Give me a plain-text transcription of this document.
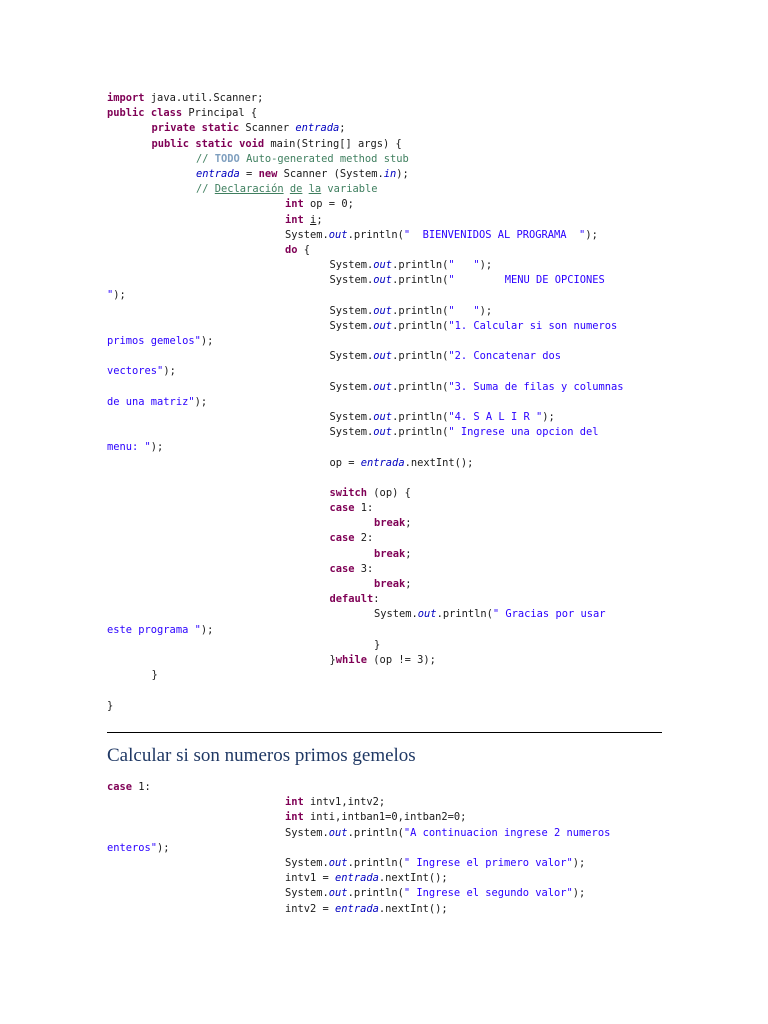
import java.util.Scanner;
public class Principal {
private static Scanner entrada;
public static void main(String[] args) {
// TODO Auto-generated method stub
entrada = new Scanner (System.in);
// Declaración de la variable
int op = 0;
int i;
System.out.println("  BIENVENIDOS AL PROGRAMA  ");
do {
System.out.println("   ");
System.out.println("        MENU DE OPCIONES
");
System.out.println("   ");
System.out.println("1. Calcular si son numeros
primos gemelos");
System.out.println("2. Concatenar dos
vectores");
System.out.println("3. Suma de filas y columnas
de una matriz");
System.out.println("4. S A L I R ");
System.out.println(" Ingrese una opcion del
menu: ");
op = entrada.nextInt();
switch (op) {
case 1:
break;
case 2:
break;
case 3:
break;
default:
System.out.println(" Gracias por usar
este programa ");
}
}while (op != 3);
}
}
Calcular si son numeros primos gemelos
case 1:
int intv1,intv2;
int inti,intban1=0,intban2=0;
System.out.println("A continuacion ingrese 2 numeros
enteros");
System.out.println(" Ingrese el primero valor");
intv1 = entrada.nextInt();
System.out.println(" Ingrese el segundo valor");
intv2 = entrada.nextInt();
